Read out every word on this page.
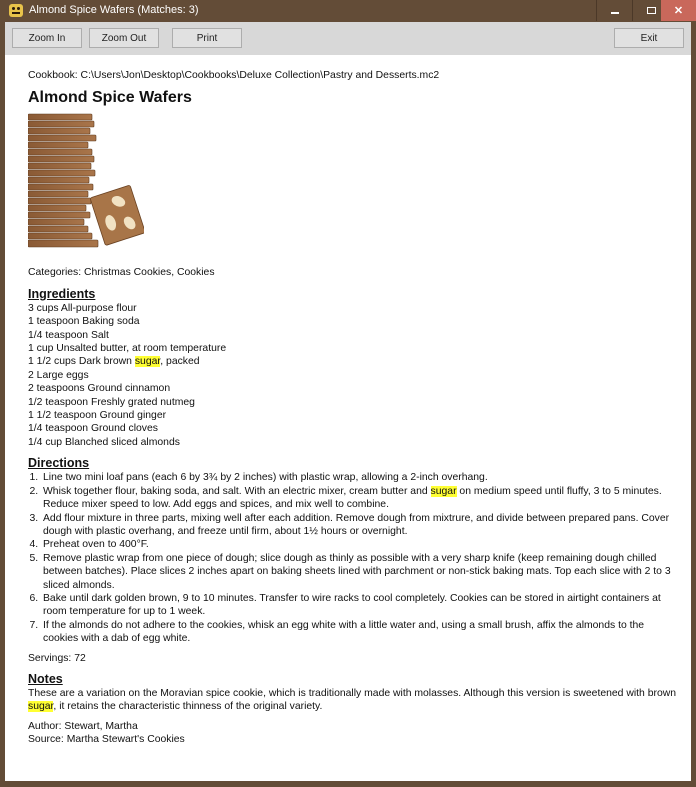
Almond Spice Wafers (Matches: 3)	✕
Zoom In	Zoom Out	Print	Exit
Cookbook: C:\Users\Jon\Desktop\Cookbooks\Deluxe Collection\Pastry and Desserts.mc2
Almond Spice Wafers
Categories: Christmas Cookies, Cookies
Ingredients
3 cups All-purpose flour
1 teaspoon Baking soda
1/4 teaspoon Salt
1 cup Unsalted butter, at room temperature
1 1/2 cups Dark brown sugar, packed
2 Large eggs
2 teaspoons Ground cinnamon
1/2 teaspoon Freshly grated nutmeg
1 1/2 teaspoon Ground ginger
1/4 teaspoon Ground cloves
1/4 cup Blanched sliced almonds
Directions
1. Line two mini loaf pans (each 6 by 3¾ by 2 inches) with plastic wrap, allowing a 2-inch overhang.
2. Whisk together flour, baking soda, and salt. With an electric mixer, cream butter and sugar on medium speed until fluffy, 3 to 5 minutes. Reduce mixer speed to low. Add eggs and spices, and mix well to combine.
3. Add flour mixture in three parts, mixing well after each addition. Remove dough from mixtrure, and divide between prepared pans. Cover dough with plastic overhang, and freeze until firm, about 1½ hours or overnight.
4. Preheat oven to 400°F.
5. Remove plastic wrap from one piece of dough; slice dough as thinly as possible with a very sharp knife (keep remaining dough chilled between batches). Place slices 2 inches apart on baking sheets lined with parchment or non-stick baking mats. Top each slice with 2 to 3 sliced almonds.
6. Bake until dark golden brown, 9 to 10 minutes. Transfer to wire racks to cool completely. Cookies can be stored in airtight containers at room temperature for up to 1 week.
7. If the almonds do not adhere to the cookies, whisk an egg white with a little water and, using a small brush, affix the almonds to the cookies with a dab of egg white.
Servings: 72
Notes
These are a variation on the Moravian spice cookie, which is traditionally made with molasses. Although this version is sweetened with brown sugar, it retains the characteristic thinness of the original variety.
Author: Stewart, Martha
Source: Martha Stewart's Cookies
